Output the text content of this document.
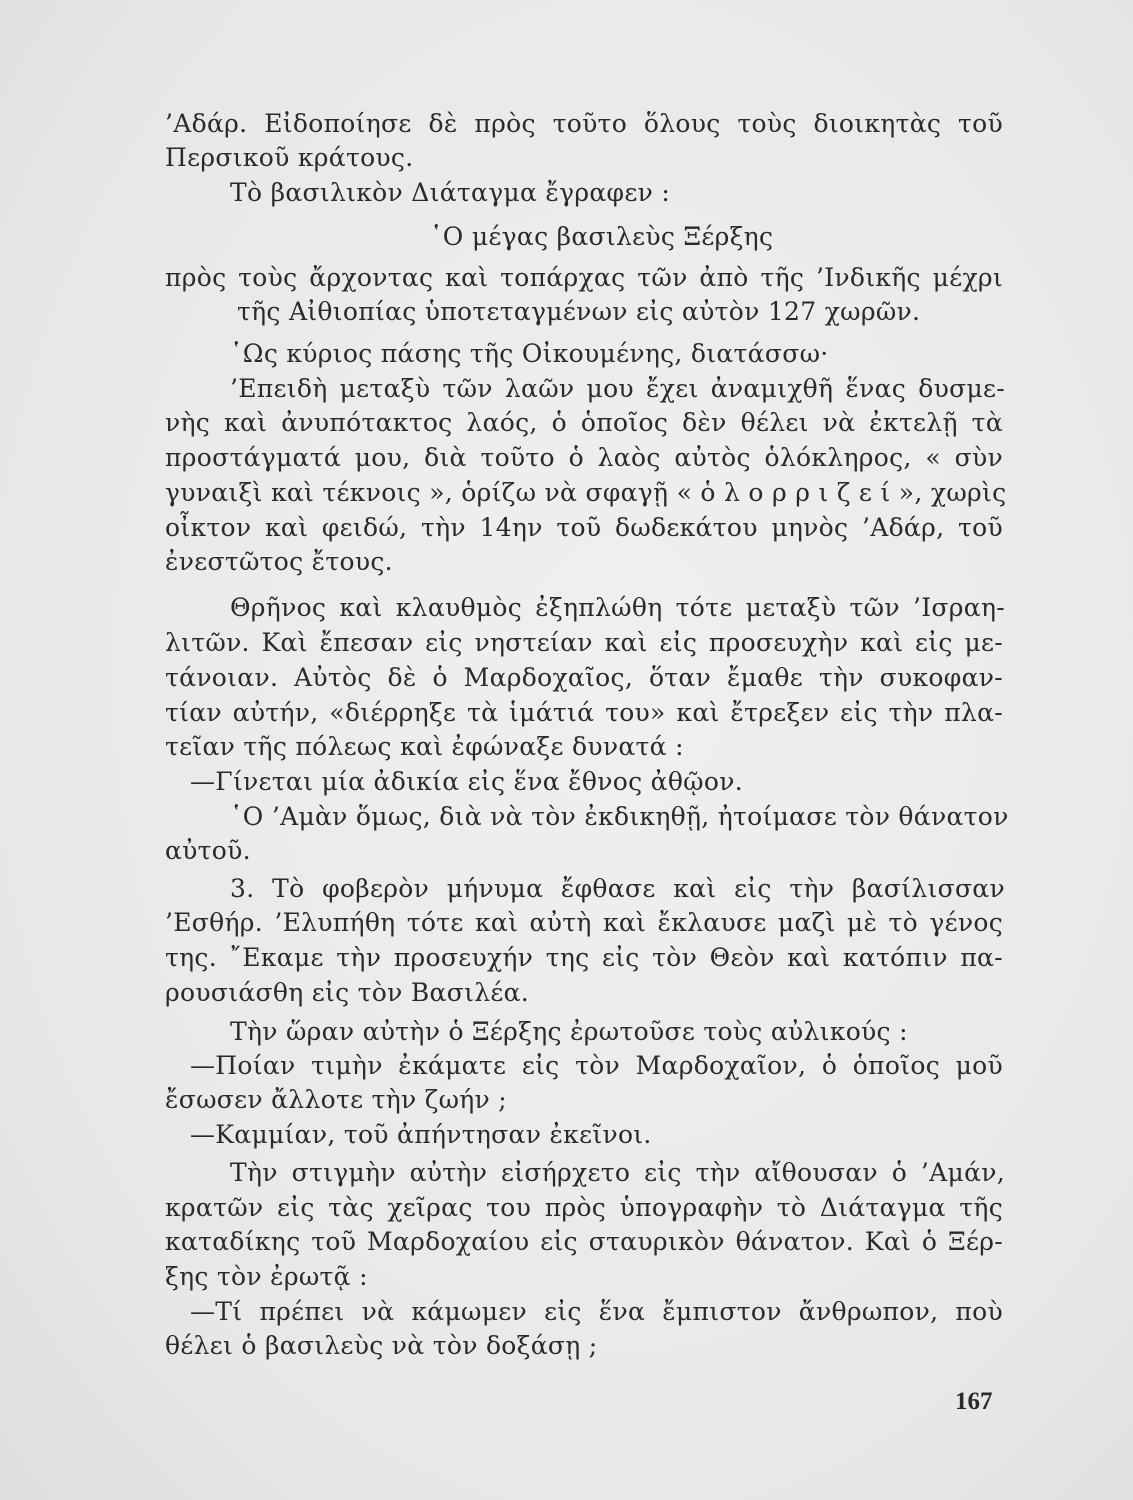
’Αδάρ. Εἰδοποίησε δὲ πρὸς τοῦτο ὅλους τοὺς διοικητὰς τοῦ
Περσικοῦ κράτους.
Τὸ βασιλικὸν Διάταγμα ἔγραφεν :
῾Ο μέγας βασιλεὺς Ξέρξης
πρὸς τοὺς ἄρχοντας καὶ τοπάρχας τῶν ἀπὸ τῆς ’Ινδικῆς μέχρι
τῆς Αἰθιοπίας ὑποτεταγμένων εἰς αὐτὸν 127 χωρῶν.
῾Ως κύριος πάσης τῆς Οἰκουμένης, διατάσσω·
’Επειδὴ μεταξὺ τῶν λαῶν μου ἔχει ἀναμιχθῆ ἕνας δυσμε-
νὴς καὶ ἀνυπότακτος λαός, ὁ ὁποῖος δὲν θέλει νὰ ἐκτελῇ τὰ
προστάγματά μου, διὰ τοῦτο ὁ λαὸς αὐτὸς ὁλόκληρος, « σὺν
γυναιξὶ καὶ τέκνοις », ὁρίζω νὰ σφαγῇ « ὁ λ ο ρ ρ ι ζ ε ί », χωρὶς
οἶκτον καὶ φειδώ, τὴν 14ην τοῦ δωδεκάτου μηνὸς ’Αδάρ, τοῦ
ἐνεστῶτος ἔτους.
Θρῆνος καὶ κλαυθμὸς ἐξηπλώθη τότε μεταξὺ τῶν ’Ισραη-
λιτῶν. Καὶ ἔπεσαν εἰς νηστείαν καὶ εἰς προσευχὴν καὶ εἰς με-
τάνοιαν. Αὐτὸς δὲ ὁ Μαρδοχαῖος, ὅταν ἔμαθε τὴν συκοφαν-
τίαν αὐτήν, «διέρρηξε τὰ ἱμάτιά του» καὶ ἔτρεξεν εἰς τὴν πλα-
τεῖαν τῆς πόλεως καὶ ἐφώναξε δυνατά :
—Γίνεται μία ἀδικία εἰς ἕνα ἔθνος ἀθῷον.
῾Ο ’Αμὰν ὅμως, διὰ νὰ τὸν ἐκδικηθῇ, ἠτοίμασε τὸν θάνατον
αὐτοῦ.
3. Τὸ φοβερὸν μήνυμα ἔφθασε καὶ εἰς τὴν βασίλισσαν
’Εσθήρ. ’Ελυπήθη τότε καὶ αὐτὴ καὶ ἔκλαυσε μαζὶ μὲ τὸ γένος
της. ῎Εκαμε τὴν προσευχήν της εἰς τὸν Θεὸν καὶ κατόπιν πα-
ρουσιάσθη εἰς τὸν Βασιλέα.
Τὴν ὥραν αὐτὴν ὁ Ξέρξης ἐρωτοῦσε τοὺς αὐλικούς :
—Ποίαν τιμὴν ἐκάματε εἰς τὸν Μαρδοχαῖον, ὁ ὁποῖος μοῦ
ἔσωσεν ἄλλοτε τὴν ζωήν ;
—Καμμίαν, τοῦ ἀπήντησαν ἐκεῖνοι.
Τὴν στιγμὴν αὐτὴν εἰσήρχετο εἰς τὴν αἴθουσαν ὁ ’Αμάν,
κρατῶν εἰς τὰς χεῖρας του πρὸς ὑπογραφὴν τὸ Διάταγμα τῆς
καταδίκης τοῦ Μαρδοχαίου εἰς σταυρικὸν θάνατον. Καὶ ὁ Ξέρ-
ξης τὸν ἐρωτᾷ :
—Τί πρέπει νὰ κάμωμεν εἰς ἕνα ἔμπιστον ἄνθρωπον, ποὺ
θέλει ὁ βασιλεὺς νὰ τὸν δοξάσῃ ;
167
